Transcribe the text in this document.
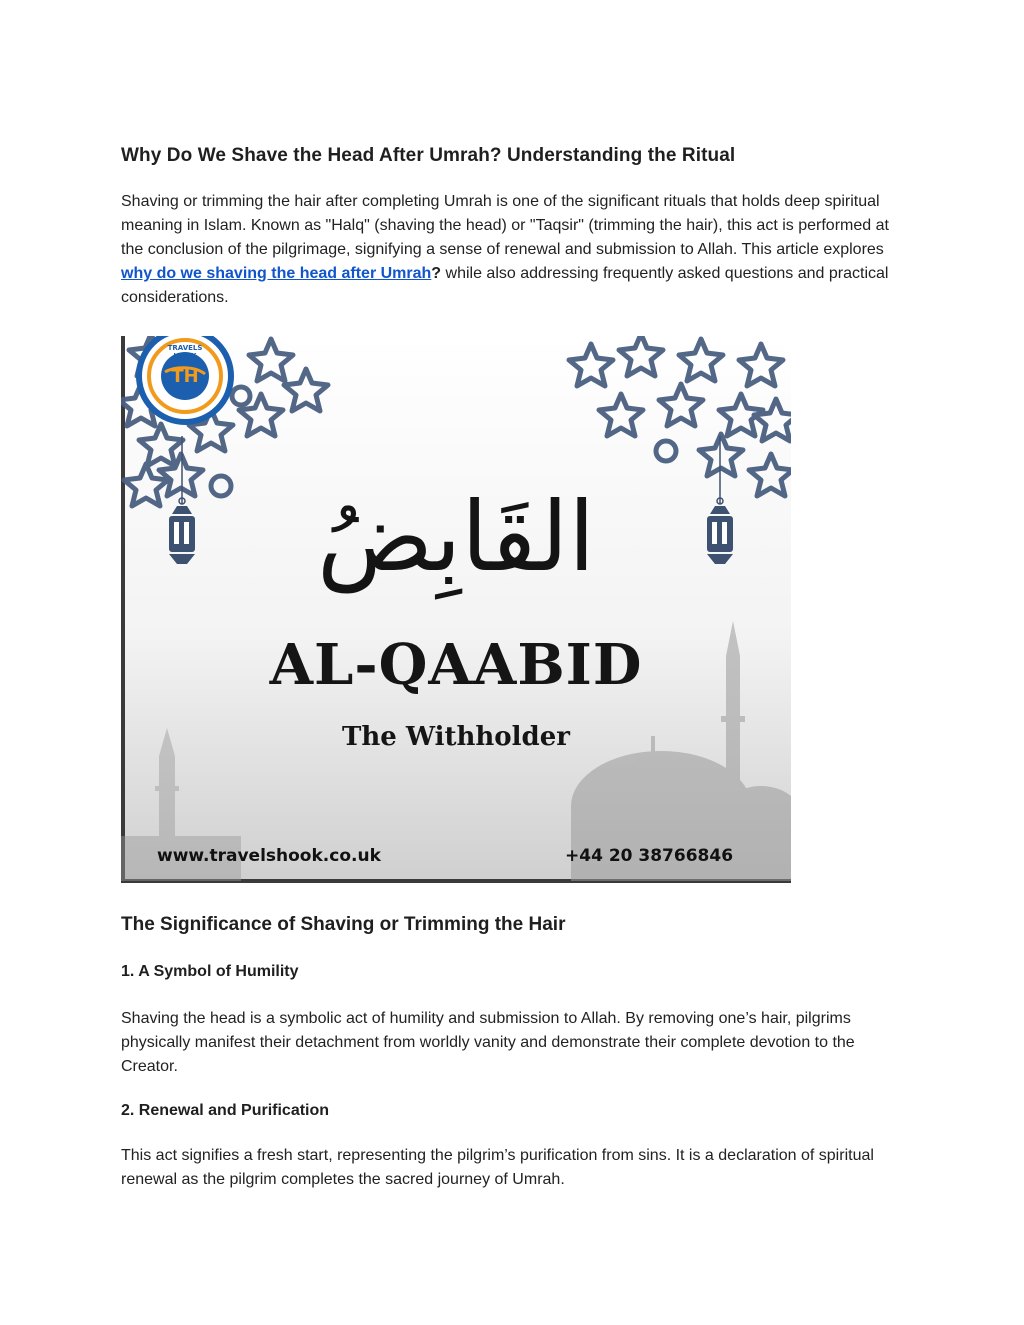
Why Do We Shave the Head After Umrah? Understanding the Ritual

Shaving or trimming the hair after completing Umrah is one of the significant rituals that holds deep spiritual meaning in Islam. Known as "Halq" (shaving the head) or "Taqsir" (trimming the hair), this act is performed at the conclusion of the pilgrimage, signifying a sense of renewal and submission to Allah. This article explores why do we shaving the head after Umrah? while also addressing frequently asked questions and practical considerations.

TRAVELS HOOK
TH
القَابِضُ
AL-QAABID
The Withholder
www.travelshook.co.uk	+44 20 38766846
The Significance of Shaving or Trimming the Hair
1. A Symbol of Humility

Shaving the head is a symbolic act of humility and submission to Allah. By removing one’s hair, pilgrims physically manifest their detachment from worldly vanity and demonstrate their complete devotion to the Creator.

2. Renewal and Purification

This act signifies a fresh start, representing the pilgrim’s purification from sins. It is a declaration of spiritual renewal as the pilgrim completes the sacred journey of Umrah.
